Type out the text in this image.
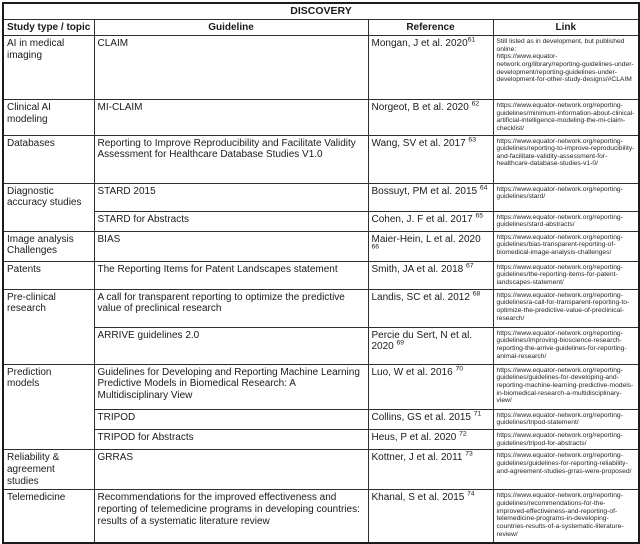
DISCOVERY			
Study type / topic	Guideline	Reference	Link
AI in medical imaging	CLAIM	Mongan, J et al. 2020$^{61}$	Still listed as in development, but published online:
https://www.equator-network.org/library/reporting-guidelines-under-development/reporting-guidelines-under-development-for-other-study-designs/#CLAIM

Clinical AI modeling	MI-CLAIM	Norgeot, B et al. 2020 $^{62}$	https://www.equator-network.org/reporting-guidelines/minimum-information-about-clinical-artificial-intelligence-modeling-the-mi-claim-checklist/

Databases	Reporting to Improve Reproducibility and Facilitate Validity Assessment for Healthcare Database Studies V1.0	Wang, SV et al. 2017 $^{63}$	https://www.equator-network.org/reporting-guidelines/reporting-to-improve-reproducibility-and-facilitate-validity-assessment-for-healthcare-database-studies-v1-0/

Diagnostic accuracy studies	STARD 2015	Bossuyt, PM et al. 2015 $^{64}$	https://www.equator-network.org/reporting-guidelines/stard/

	STARD for Abstracts	Cohen, J. F et al. 2017 $^{65}$	https://www.equator-network.org/reporting-guidelines/stard-abstracts/

Image analysis Challenges	BIAS	Maier-Hein, L et al. 2020 $^{66}$	https://www.equator-network.org/reporting-guidelines/bias-transparent-reporting-of-biomedical-image-analysis-challenges/

Patents	The Reporting Items for Patent Landscapes statement	Smith, JA et al. 2018 $^{67}$	https://www.equator-network.org/reporting-guidelines/the-reporting-items-for-patent-landscapes-statement/

Pre-clinical research	A call for transparent reporting to optimize the predictive value of preclinical research	Landis, SC et al. 2012 $^{68}$	https://www.equator-network.org/reporting-guidelines/a-call-for-transparent-reporting-to-optimize-the-predictive-value-of-preclinical-research/

	ARRIVE guidelines 2.0	Percie du Sert, N et al. 2020 $^{69}$	https://www.equator-network.org/reporting-guidelines/improving-bioscience-research-reporting-the-arrive-guidelines-for-reporting-animal-research/

Prediction models	Guidelines for Developing and Reporting Machine Learning Predictive Models in Biomedical Research: A Multidisciplinary View	Luo, W et al. 2016 $^{70}$	https://www.equator-network.org/reporting-guidelines/guidelines-for-developing-and-reporting-machine-learning-predictive-models-in-biomedical-research-a-multidisciplinary-view/

	TRIPOD	Collins, GS et al. 2015 $^{71}$	https://www.equator-network.org/reporting-guidelines/tripod-statement/

	TRIPOD for Abstracts	Heus, P et al. 2020 $^{72}$	https://www.equator-network.org/reporting-guidelines/tripod-for-abstracts/

Reliability & agreement studies	GRRAS	Kottner, J et al. 2011 $^{73}$	https://www.equator-network.org/reporting-guidelines/guidelines-for-reporting-reliability-and-agreement-studies-grras-were-proposed/

Telemedicine	Recommendations for the improved effectiveness and reporting of telemedicine programs in developing countries: results of a systematic literature review	Khanal, S et al. 2015 $^{74}$	https://www.equator-network.org/reporting-guidelines/recommendations-for-the-improved-effectiveness-and-reporting-of-telemedicine-programs-in-developing-countries-results-of-a-systematic-literature-review/
